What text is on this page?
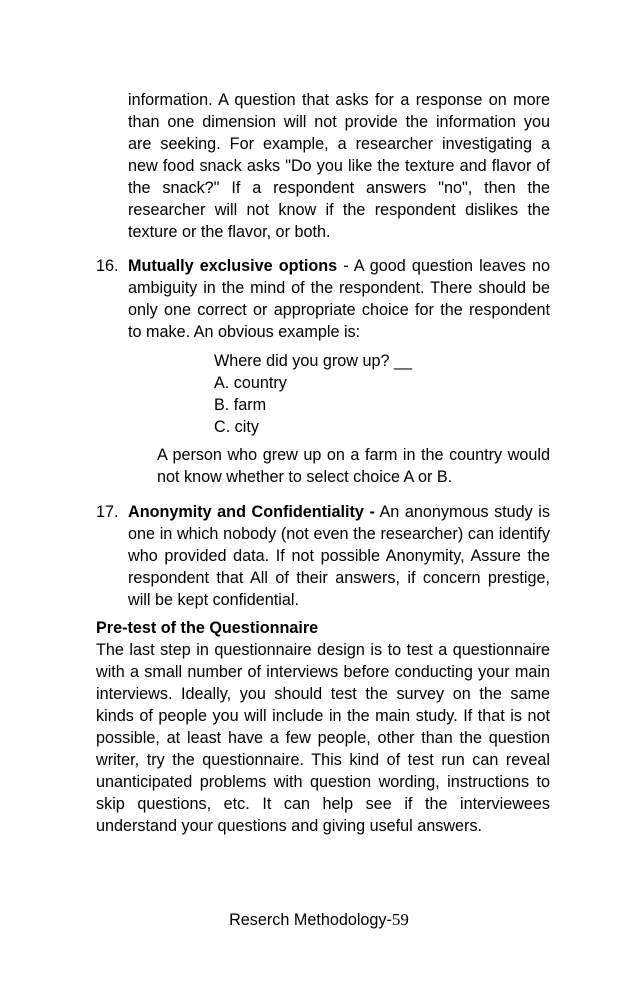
information. A question that asks for a response on more than one dimension will not provide the information you are seeking. For example, a researcher investigating a new food snack asks "Do you like the texture and flavor of the snack?" If a respondent answers "no", then the researcher will not know if the respondent dislikes the texture or the flavor, or both.

16. Mutually exclusive options - A good question leaves no ambiguity in the mind of the respondent. There should be only one correct or appropriate choice for the respondent to make. An obvious example is:

Where did you grow up? __
A. country
B. farm
C. city

A person who grew up on a farm in the country would not know whether to select choice A or B.

17. Anonymity and Confidentiality - An anonymous study is one in which nobody (not even the researcher) can identify who provided data. If not possible Anonymity, Assure the respondent that All of their answers, if concern prestige, will be kept confidential.

Pre-test of the Questionnaire

The last step in questionnaire design is to test a questionnaire with a small number of interviews before conducting your main interviews. Ideally, you should test the survey on the same kinds of people you will include in the main study. If that is not possible, at least have a few people, other than the question writer, try the questionnaire. This kind of test run can reveal unanticipated problems with question wording, instructions to skip questions, etc. It can help see if the interviewees understand your questions and giving useful answers.

Reserch Methodology-59
